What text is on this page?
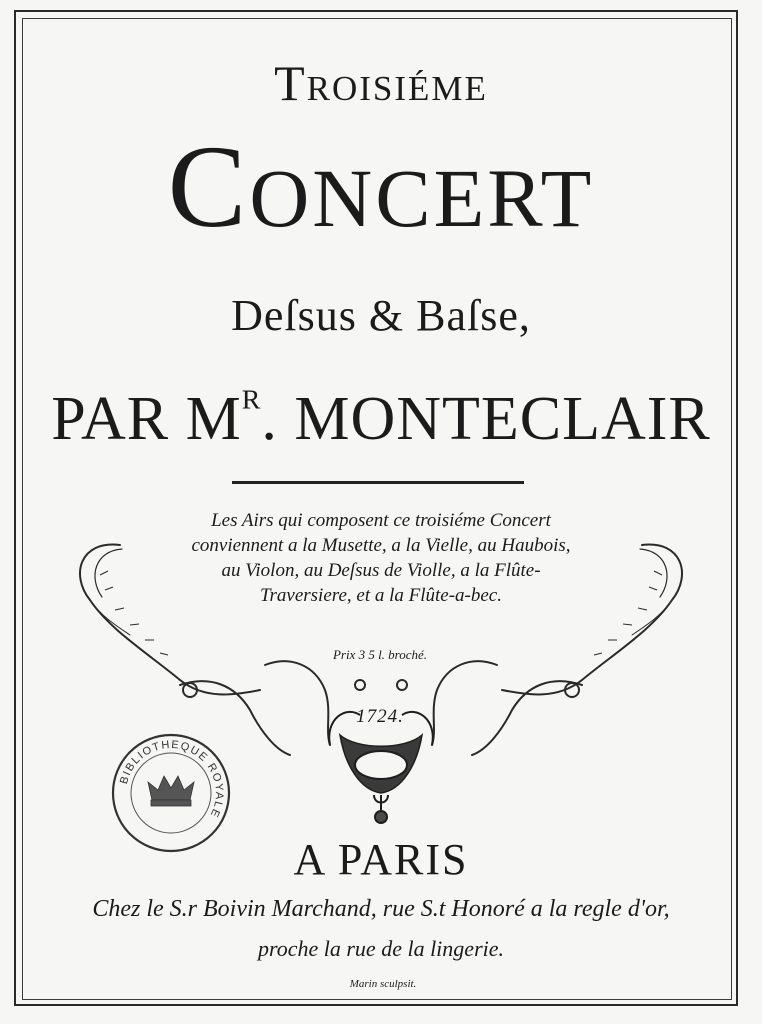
Troisiéme
Concert
Deſsus & Baſse,
PAR $M^R$. MONTECLAIR
Les Airs qui composent ce troisiéme Concert
conviennent a la Musette, a la Vielle, au Haubois,
au Violon, au Deſsus de Violle, a la Flûte-
Traversiere, et a la Flûte-a-bec.
Prix 3 5 l. broché.
1724.
BIBLIOTHEQUE ROYALE
A PARIS
Chez le S.r Boivin Marchand, rue S.t Honoré a la regle d'or,
proche la rue de la lingerie.
Marin sculpsit.
